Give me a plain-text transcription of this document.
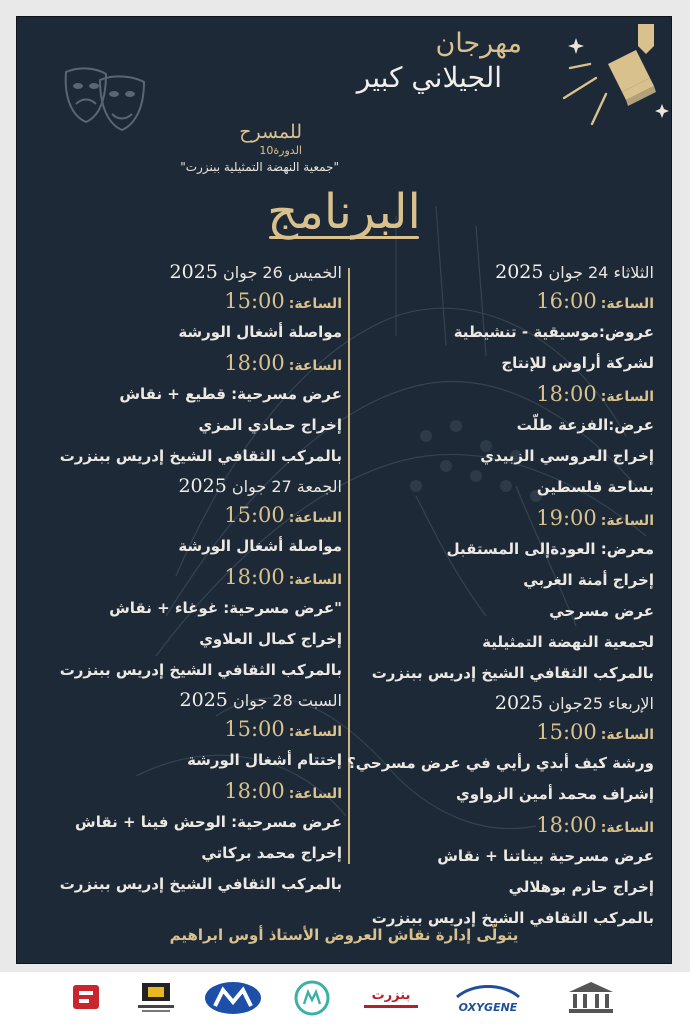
مهرجان
الجيلاني كبير
للمسرح
الدورة10
"جمعية النهضة التمثيلية ببنزرت"
البرنامج
الخميس 26 جوان 2025
الساعة:15:00
مواصلة أشغال الورشة
الساعة:18:00
عرض مسرحية: قطيع + نقاش
إخراج حمادي المزي
بالمركب الثقافي الشيخ إدريس ببنزرت
الجمعة 27 جوان 2025
الساعة:15:00
مواصلة أشغال الورشة
الساعة:18:00
"عرض مسرحية: غوغاء + نقاش
إخراج كمال العلاوي
بالمركب الثقافي الشيخ إدريس ببنزرت
السبت 28 جوان 2025
الساعة:15:00
إختتام أشغال الورشة
الساعة:18:00
عرض مسرحية: الوحش فينا + نقاش
إخراج محمد بركاتي
بالمركب الثقافي الشيخ إدريس ببنزرت
الثلاثاء 24 جوان 2025
الساعة:16:00
عروض:موسيقية - تنشيطية
لشركة أراوس للإنتاج
الساعة:18:00
عرض:الفزعة طلّت
إخراج العروسي الزبيدي
بساحة فلسطين
الساعة:19:00
معرض: العودةإلى المستقبل
إخراج أمنة الغربي
عرض مسرحي
لجمعية النهضة التمثيلية
بالمركب الثقافي الشيخ إدريس ببنزرت
الإربعاء 25جوان 2025
الساعة:15:00
ورشة كيف أبدي رأيي في عرض مسرحي؟
إشراف محمد أمين الزواوي
الساعة:18:00
عرض مسرحية بيناتنا + نقاش
إخراج حازم بوهلالي
بالمركب الثقافي الشيخ إدريس ببنزرت
يتولّى إدارة نقاش العروض الأستاذ أوس ابراهيم
بنزرت
OXYGENE
